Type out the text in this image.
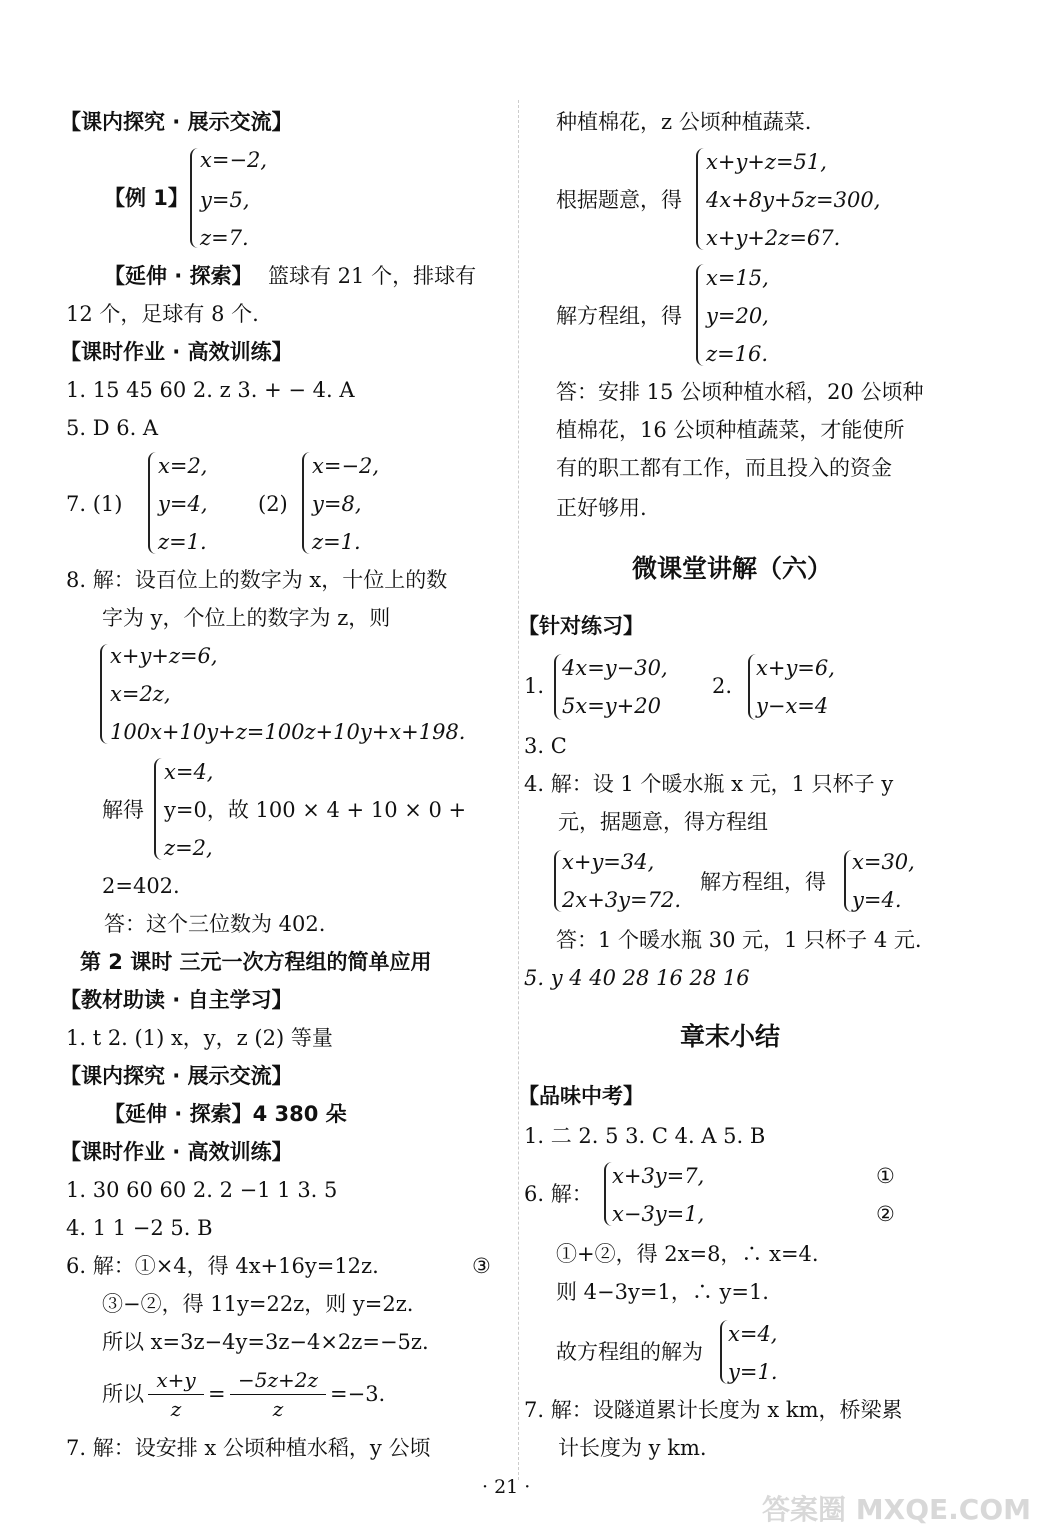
【课内探究 · 展示交流】
【例 1】
x=−2,
y=5,
z=7.
【延伸 · 探索】 篮球有 21 个，排球有
12 个，足球有 8 个.
【课时作业 · 高效训练】
1. 15 45 60 2. z 3. + − 4. A
5. D 6. A
7. (1)
x=2,
y=4,
z=1.
(2)
x=−2,
y=8,
z=1.
8. 解：设百位上的数字为 x，十位上的数
字为 y，个位上的数字为 z，则
x+y+z=6,
x=2z,
100x+10y+z=100z+10y+x+198.
解得
x=4,
y=0，故 100 × 4 + 10 × 0 +
z=2,
2=402.
答：这个三位数为 402.
第 2 课时 三元一次方程组的简单应用
【教材助读 · 自主学习】
1. t 2. (1) x，y，z (2) 等量
【课内探究 · 展示交流】
【延伸 · 探索】4 380 朵
【课时作业 · 高效训练】
1. 30 60 60 2. 2 −1 1 3. 5
4. 1 1 −2 5. B
6. 解：①×4，得 4x+16y=12z.	③
③−②，得 11y=22z，则 y=2z.
所以 x=3z−4y=3z−4×2z=−5z.
所以
x+y
z
=
−5z+2z
z
=−3.
7. 解：设安排 x 公顷种植水稻，y 公顷
种植棉花，z 公顷种植蔬菜.
根据题意，得
x+y+z=51,
4x+8y+5z=300,
x+y+2z=67.
解方程组，得
x=15,
y=20,
z=16.
答：安排 15 公顷种植水稻，20 公顷种
植棉花，16 公顷种植蔬菜，才能使所
有的职工都有工作，而且投入的资金
正好够用.
微课堂讲解（六）
【针对练习】
1.
4x=y−30,
5x=y+20
2.
x+y=6,
y−x=4
3. C
4. 解：设 1 个暖水瓶 x 元，1 只杯子 y
元，据题意，得方程组
x+y=34,
2x+3y=72.
解方程组，得
x=30,
y=4.
答：1 个暖水瓶 30 元，1 只杯子 4 元.
5. y 4 40 28 16 28 16
章末小结
【品味中考】
1. 二 2. 5 3. C 4. A 5. B
6. 解：
x+3y=7,
x−3y=1,
①
②
①+②，得 2x=8，∴ x=4.
则 4−3y=1，∴ y=1.
故方程组的解为
x=4,
y=1.
7. 解：设隧道累计长度为 x km，桥梁累
计长度为 y km.
· 21 ·
答案圈 MXQE.COM
